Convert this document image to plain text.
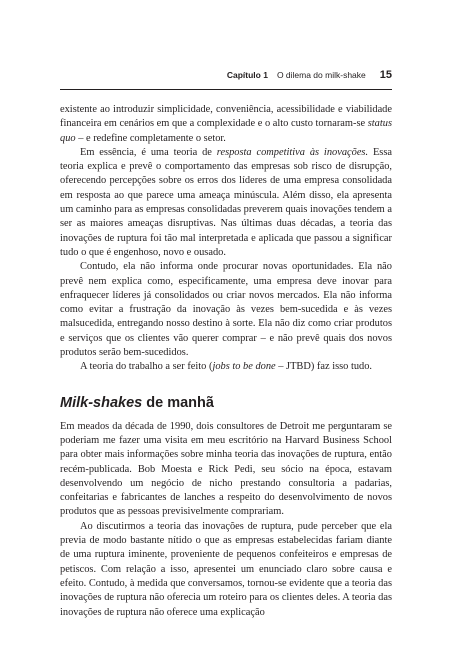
Capítulo 1 O dilema do milk-shake 15

existente ao introduzir simplicidade, conveniência, acessibilidade e viabilidade financeira em cenários em que a complexidade e o alto custo tornaram-se status quo – e redefine completamente o setor.

Em essência, é uma teoria de resposta competitiva às inovações. Essa teoria explica e prevê o comportamento das empresas sob risco de disrupção, oferecendo percepções sobre os erros dos líderes de uma empresa consolidada em resposta ao que parece uma ameaça minúscula. Além disso, ela apresenta um caminho para as empresas consolidadas preverem quais inovações tendem a ser as maiores ameaças disruptivas. Nas últimas duas décadas, a teoria das inovações de ruptura foi tão mal interpretada e aplicada que passou a significar tudo o que é engenhoso, novo e ousado.

Contudo, ela não informa onde procurar novas oportunidades. Ela não prevê nem explica como, especificamente, uma empresa deve inovar para enfraquecer líderes já consolidados ou criar novos mercados. Ela não informa como evitar a frustração da inovação às vezes bem-sucedida e às vezes malsucedida, entregando nosso destino à sorte. Ela não diz como criar produtos e serviços que os clientes vão querer comprar – e não prevê quais dos novos produtos serão bem-sucedidos.

A teoria do trabalho a ser feito (jobs to be done – JTBD) faz isso tudo.

Milk-shakes de manhã

Em meados da década de 1990, dois consultores de Detroit me perguntaram se poderiam me fazer uma visita em meu escritório na Harvard Business School para obter mais informações sobre minha teoria das inovações de ruptura, então recém-publicada. Bob Moesta e Rick Pedi, seu sócio na época, estavam desenvolvendo um negócio de nicho prestando consultoria a padarias, confeitarias e fabricantes de lanches a respeito do desenvolvimento de novos produtos que as pessoas previsivelmente comprariam.

Ao discutirmos a teoria das inovações de ruptura, pude perceber que ela previa de modo bastante nítido o que as empresas estabelecidas fariam diante de uma ruptura iminente, proveniente de pequenos confeiteiros e empresas de petiscos. Com relação a isso, apresentei um enunciado claro sobre causa e efeito. Contudo, à medida que conversamos, tornou-se evidente que a teoria das inovações de ruptura não oferecia um roteiro para os clientes deles. A teoria das inovações de ruptura não oferece uma explicação
